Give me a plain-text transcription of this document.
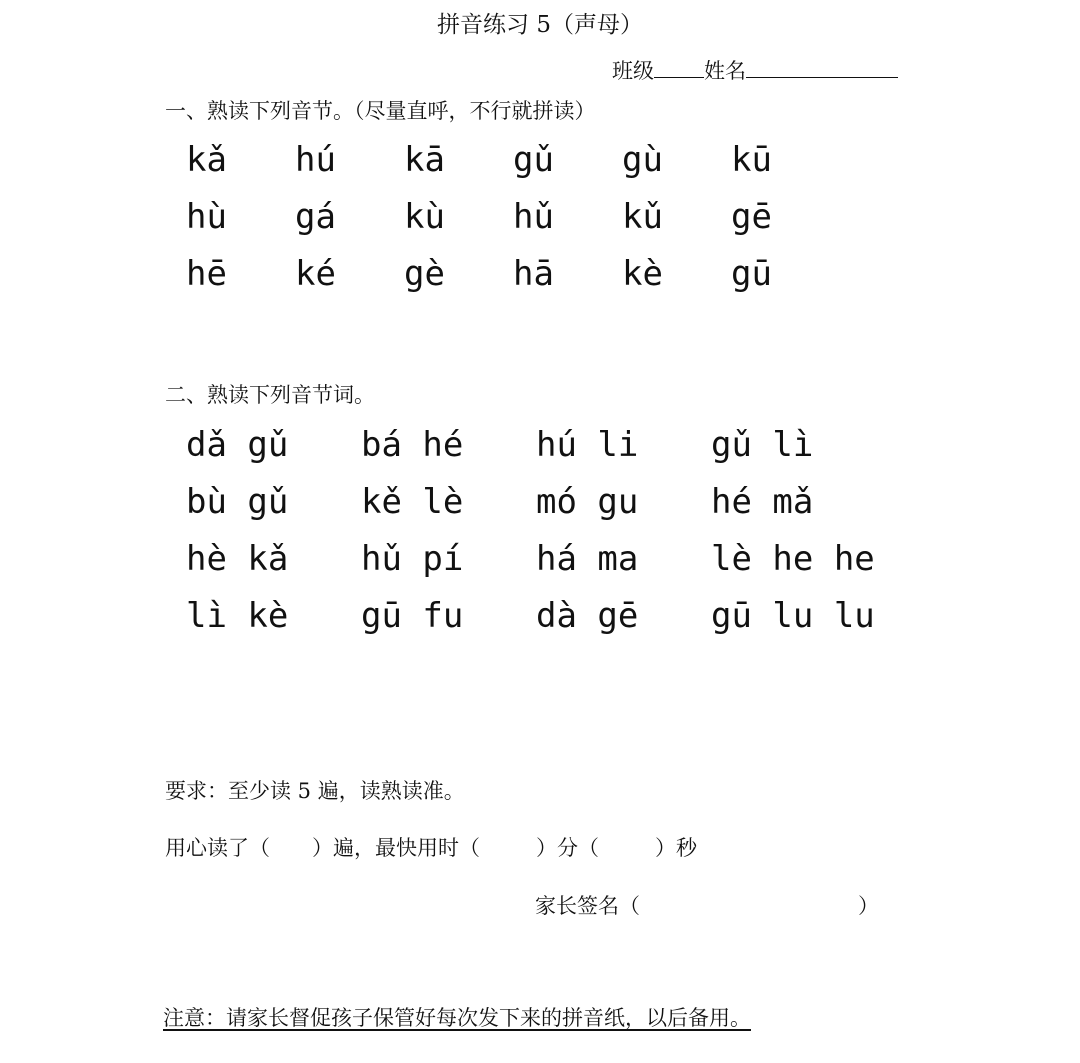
拼音练习 5（声母）
班级 姓名
一、熟读下列音节。（尽量直呼，不行就拼读）
kǎ	hú	kā	gǔ	gù	kū
hù	gá	kù	hǔ	kǔ	gē
hē	ké	gè	hā	kè	gū
二、熟读下列音节词。
dǎ gǔ	bá hé	hú li	gǔ lì
bù gǔ	kě lè	mó gu	hé mǎ
hè kǎ	hǔ pí	há ma	lè he he
lì kè	gū fu	dà gē	gū lu lu
要求：至少读 5 遍，读熟读准。
用心读了（ ）遍，最快用时（	）分（	）秒
家长签名（	）
注意：请家长督促孩子保管好每次发下来的拼音纸，以后备用。
